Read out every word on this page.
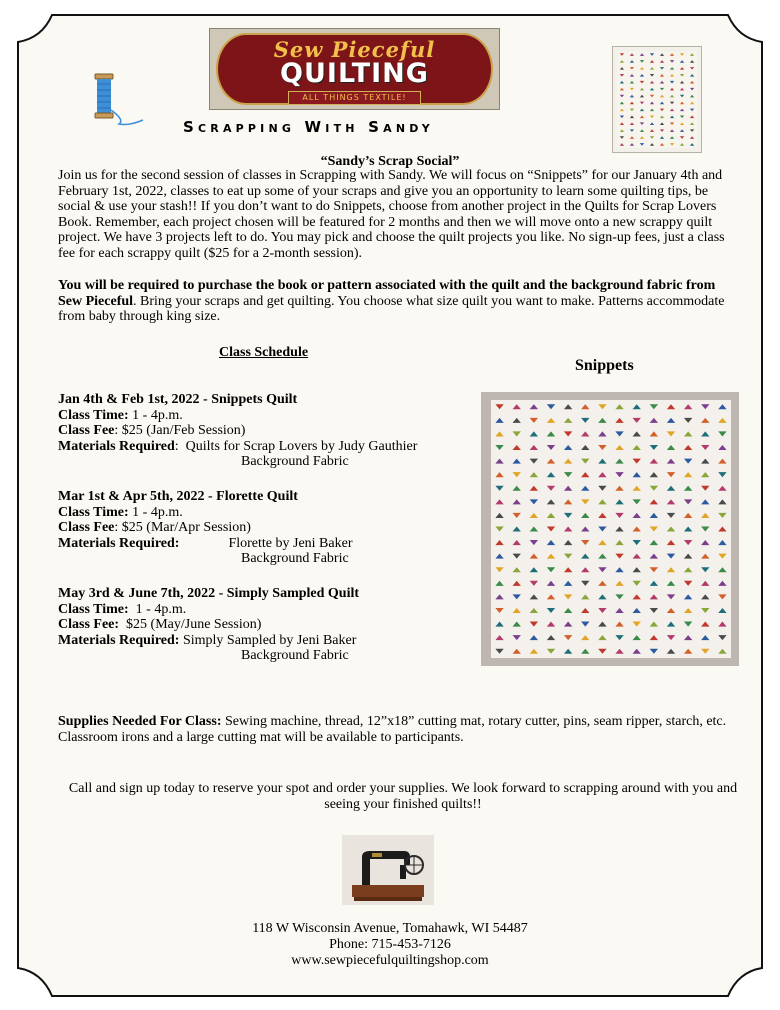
Sew Pieceful
QUILTING
ALL THINGS TEXTILE!
Scrapping With Sandy
“Sandy’s Scrap Social”
Join us for the second session of classes in Scrapping with Sandy. We will focus on “Snippets” for our January 4th and February 1st, 2022, classes to eat up some of your scraps and give you an opportunity to learn some quilting tips, be social & use your stash!! If you don’t want to do Snippets, choose from another project in the Quilts for Scrap Lovers Book. Remember, each project chosen will be featured for 2 months and then we will move onto a new scrappy quilt project. We have 3 projects left to do. You may pick and choose the quilt projects you like. No sign-up fees, just a class fee for each scrappy quilt ($25 for a 2-month session).
You will be required to purchase the book or pattern associated with the quilt and the background fabric from Sew Pieceful. Bring your scraps and get quilting. You choose what size quilt you want to make. Patterns accommodate from baby through king size.
Class Schedule
Snippets
Jan 4th & Feb 1st, 2022 - Snippets Quilt
Class Time: 1 - 4p.m.
Class Fee: $25 (Jan/Feb Session)
Materials Required:  Quilts for Scrap Lovers by Judy Gauthier
Background Fabric
Mar 1st & Apr 5th, 2022 - Florette Quilt
Class Time: 1 - 4p.m.
Class Fee: $25 (Mar/Apr Session)
Materials Required:              Florette by Jeni Baker
Background Fabric
May 3rd & June 7th, 2022 - Simply Sampled Quilt
Class Time:  1 - 4p.m.
Class Fee:  $25 (May/June Session)
Materials Required: Simply Sampled by Jeni Baker
Background Fabric
Supplies Needed For Class: Sewing machine, thread, 12”x18” cutting mat, rotary cutter, pins, seam ripper, starch, etc. Classroom irons and a large cutting mat will be available to participants.
Call and sign up today to reserve your spot and order your supplies. We look forward to scrapping around with you and seeing your finished quilts!!
118 W Wisconsin Avenue, Tomahawk, WI 54487
Phone: 715-453-7126
www.sewpiecefulquiltingshop.com
